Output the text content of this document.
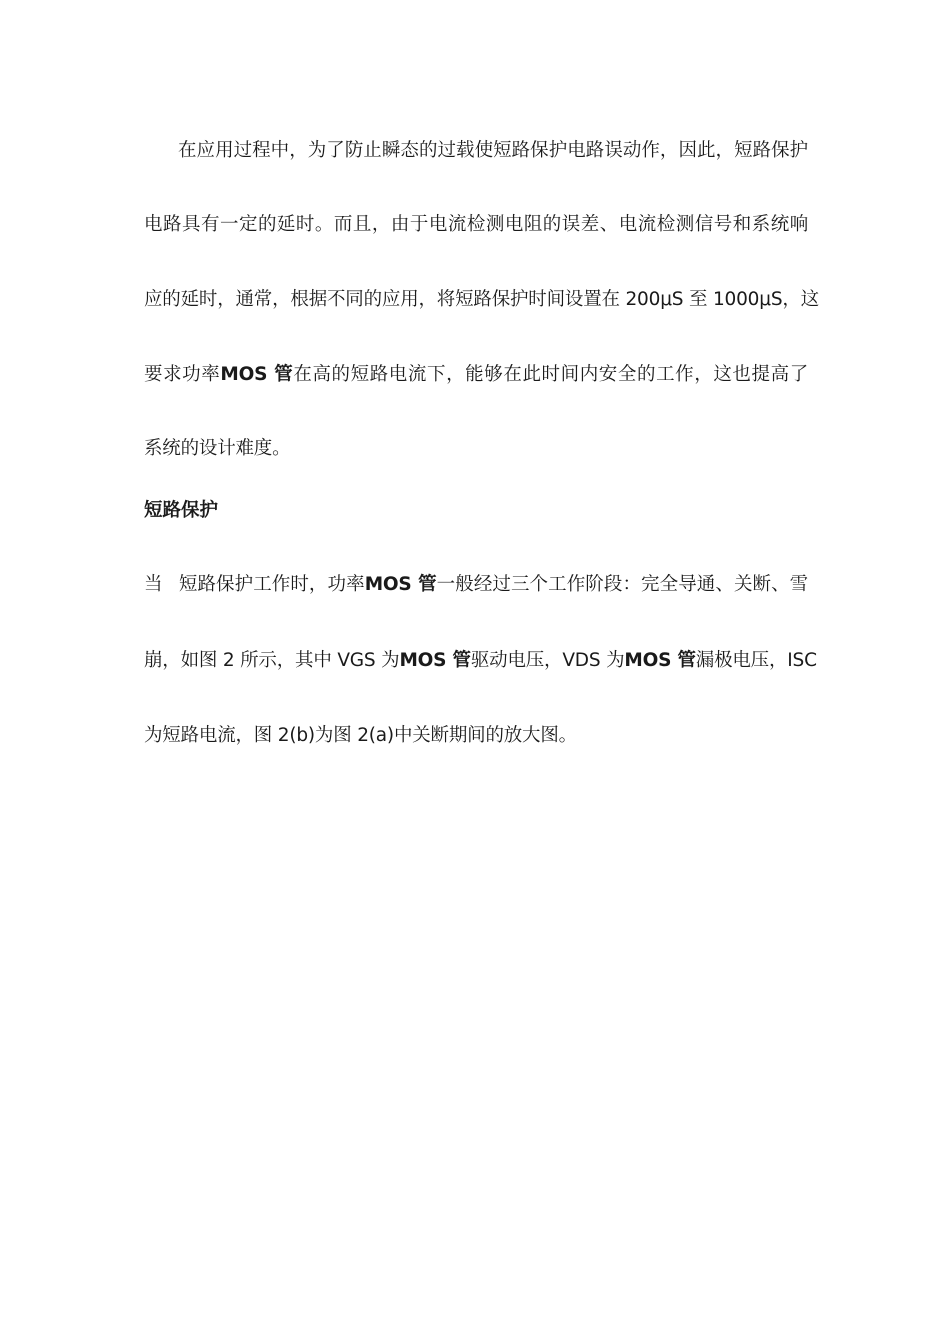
在应用过程中，为了防止瞬态的过载使短路保护电路误动作，因此，短路保护
电路具有一定的延时。而且，由于电流检测电阻的误差、电流检测信号和系统响
应的延时，通常，根据不同的应用，将短路保护时间设置在 200μS 至 1000μS，这
要求功率MOS 管在高的短路电流下，能够在此时间内安全的工作，这也提高了
系统的设计难度。
短路保护
当 短路保护工作时，功率MOS 管一般经过三个工作阶段：完全导通、关断、雪
崩，如图 2 所示，其中 VGS 为MOS 管驱动电压，VDS 为MOS 管漏极电压，ISC
为短路电流，图 2(b)为图 2(a)中关断期间的放大图。
